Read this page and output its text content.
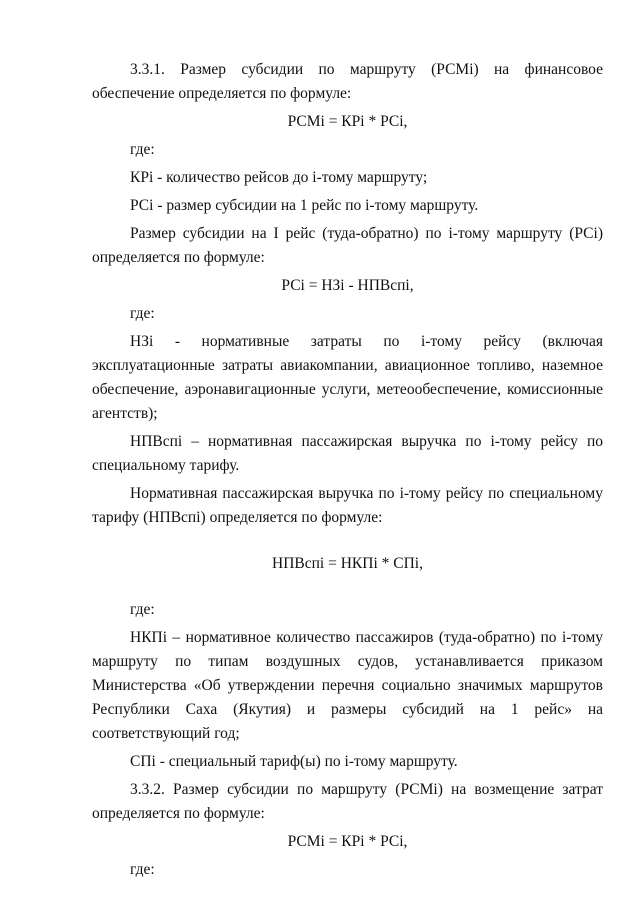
3.3.1. Размер субсидии по маршруту (РСМi) на финансовое обеспечение определяется по формуле:

РСМi = КРi * РСi,

где:

КРi - количество рейсов до i-тому маршруту;

РСi - размер субсидии на 1 рейс по i-тому маршруту.

Размер субсидии на I рейс (туда-обратно) по i-тому маршруту (РСi) определяется по формуле:

РСi = НЗi - НПВспi,

где:

НЗi - нормативные затраты по i-тому рейсу (включая эксплуатационные затраты авиакомпании, авиационное топливо, наземное обеспечение, аэронавигационные услуги, метеообеспечение, комиссионные агентств);

НПВспi – нормативная пассажирская выручка по i-тому рейсу по специальному тарифу.

Нормативная пассажирская выручка по i-тому рейсу по специальному тарифу (НПВспi) определяется по формуле:

НПВспi = НКПi * СПi,

где:

НКПi – нормативное количество пассажиров (туда-обратно) по i-тому маршруту по типам воздушных судов, устанавливается приказом Министерства «Об утверждении перечня социально значимых маршрутов Республики Саха (Якутия) и размеры субсидий на 1 рейс» на соответствующий год;

СПi - специальный тариф(ы) по i-тому маршруту.

3.3.2. Размер субсидии по маршруту (РСМi) на возмещение затрат определяется по формуле:

РСМi = КРi * РСi,

где:
